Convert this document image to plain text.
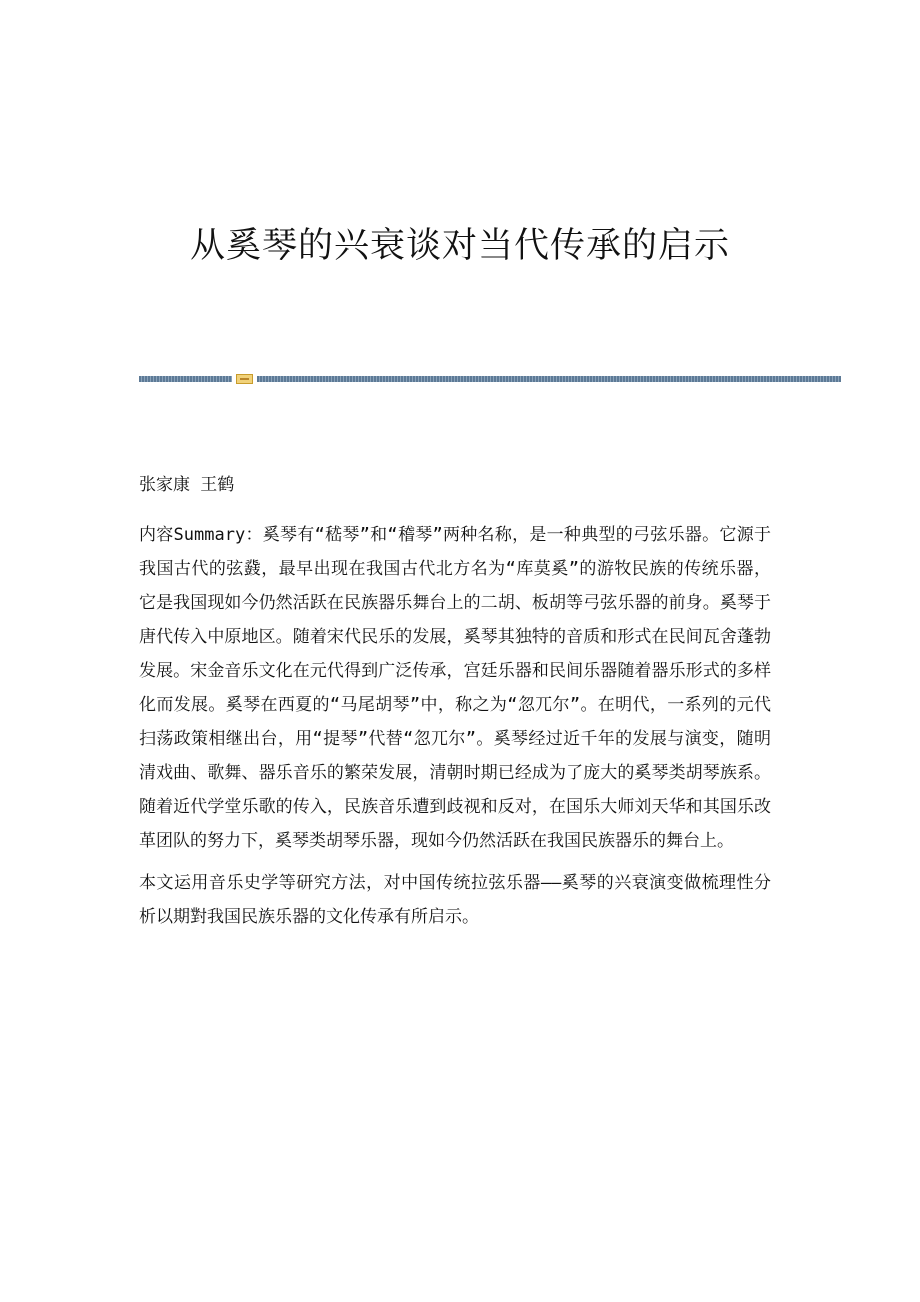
从奚琴的兴衰谈对当代传承的启示

张家康 王鹤

内容Summary：奚琴有“嵇琴”和“稽琴”两种名称，是一种典型的弓弦乐器。它源于我国古代的弦鼗，最早出现在我国古代北方名为“库莫奚”的游牧民族的传统乐器，它是我国现如今仍然活跃在民族器乐舞台上的二胡、板胡等弓弦乐器的前身。奚琴于唐代传入中原地区。随着宋代民乐的发展，奚琴其独特的音质和形式在民间瓦舍蓬勃发展。宋金音乐文化在元代得到广泛传承，宫廷乐器和民间乐器随着器乐形式的多样化而发展。奚琴在西夏的“马尾胡琴”中，称之为“忽兀尔”。在明代，一系列的元代扫荡政策相继出台，用“提琴”代替“忽兀尔”。奚琴经过近千年的发展与演变，随明清戏曲、歌舞、器乐音乐的繁荣发展，清朝时期已经成为了庞大的奚琴类胡琴族系。随着近代学堂乐歌的传入，民族音乐遭到歧视和反对，在国乐大师刘天华和其国乐改革团队的努力下，奚琴类胡琴乐器，现如今仍然活跃在我国民族器乐的舞台上。

本文运用音乐史学等研究方法，对中国传统拉弦乐器——奚琴的兴衰演变做梳理性分析以期對我国民族乐器的文化传承有所启示。
